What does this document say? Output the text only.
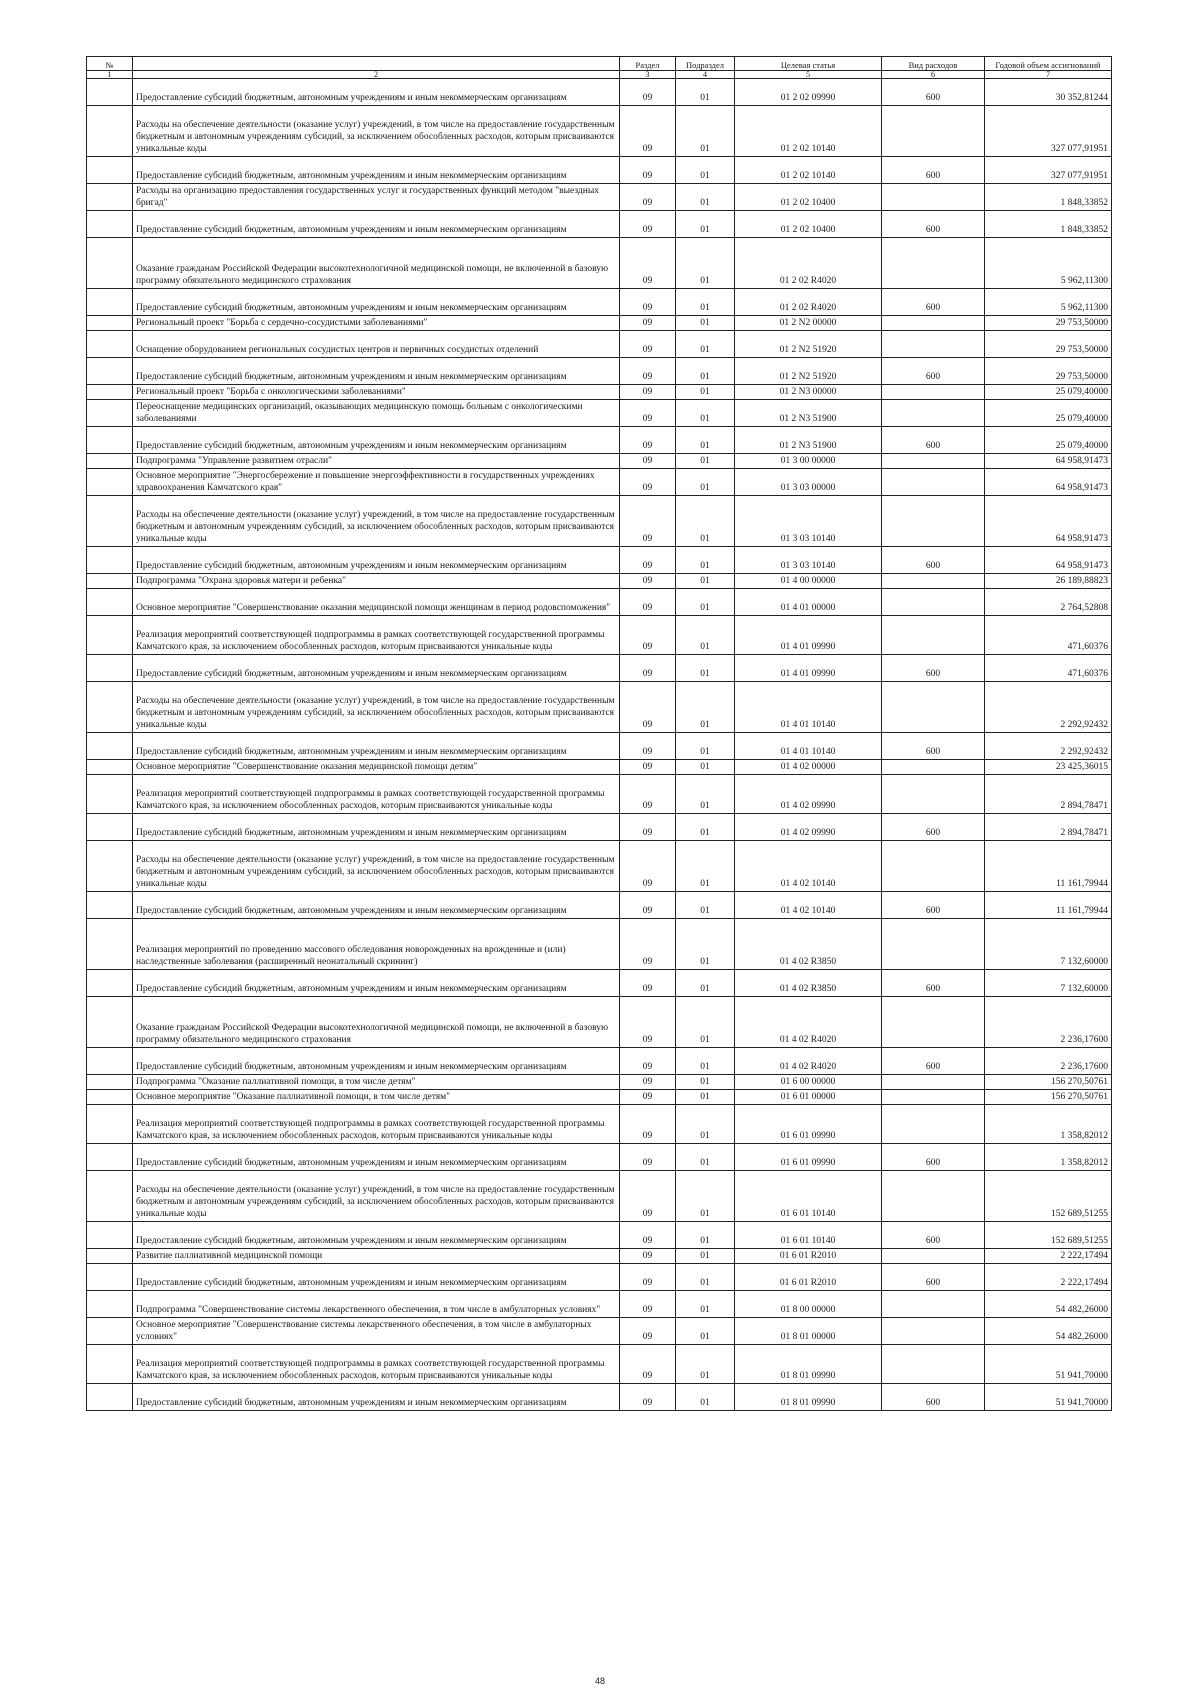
№		Раздел	Подраздел	Целевая статья	Вид расходов	Годовой объем ассигнований
1	2	3	4	5	6	7
	Предоставление субсидий бюджетным, автономным учреждениям и иным некоммерческим организациям	09	01	01 2 02 09990	600	30 352,81244
	Расходы на обеспечение деятельности (оказание услуг) учреждений, в том числе на предоставление государственным бюджетным и автономным учреждениям субсидий, за исключением обособленных расходов, которым присваиваются уникальные коды	09	01	01 2 02 10140		327 077,91951
	Предоставление субсидий бюджетным, автономным учреждениям и иным некоммерческим организациям	09	01	01 2 02 10140	600	327 077,91951
	Расходы на организацию предоставления государственных услуг и государственных функций методом "выездных бригад"	09	01	01 2 02 10400		1 848,33852
	Предоставление субсидий бюджетным, автономным учреждениям и иным некоммерческим организациям	09	01	01 2 02 10400	600	1 848,33852
	Оказание гражданам Российской Федерации высокотехнологичной медицинской помощи, не включенной в базовую программу обязательного медицинского страхования	09	01	01 2 02 R4020		5 962,11300
	Предоставление субсидий бюджетным, автономным учреждениям и иным некоммерческим организациям	09	01	01 2 02 R4020	600	5 962,11300
	Региональный проект "Борьба с сердечно-сосудистыми заболеваниями"	09	01	01 2 N2 00000		29 753,50000
	Оснащение оборудованием региональных сосудистых центров и первичных сосудистых отделений	09	01	01 2 N2 51920		29 753,50000
	Предоставление субсидий бюджетным, автономным учреждениям и иным некоммерческим организациям	09	01	01 2 N2 51920	600	29 753,50000
	Региональный проект "Борьба с онкологическими заболеваниями"	09	01	01 2 N3 00000		25 079,40000
	Переоснащение медицинских организаций, оказывающих медицинскую помощь больным с онкологическими заболеваниями	09	01	01 2 N3 51900		25 079,40000
	Предоставление субсидий бюджетным, автономным учреждениям и иным некоммерческим организациям	09	01	01 2 N3 51900	600	25 079,40000
	Подпрограмма "Управление развитием отрасли"	09	01	01 3 00 00000		64 958,91473
	Основное мероприятие "Энергосбережение и повышение энергоэффективности в государственных учреждениях здравоохранения Камчатского края"	09	01	01 3 03 00000		64 958,91473
	Расходы на обеспечение деятельности (оказание услуг) учреждений, в том числе на предоставление государственным бюджетным и автономным учреждениям субсидий, за исключением обособленных расходов, которым присваиваются уникальные коды	09	01	01 3 03 10140		64 958,91473
	Предоставление субсидий бюджетным, автономным учреждениям и иным некоммерческим организациям	09	01	01 3 03 10140	600	64 958,91473
	Подпрограмма "Охрана здоровья матери и ребенка"	09	01	01 4 00 00000		26 189,88823
	Основное мероприятие "Совершенствование оказания медицинской помощи женщинам в период родовспоможения"	09	01	01 4 01 00000		2 764,52808
	Реализация мероприятий соответствующей подпрограммы в рамках соответствующей государственной программы Камчатского края, за исключением обособленных расходов, которым присваиваются уникальные коды	09	01	01 4 01 09990		471,60376
	Предоставление субсидий бюджетным, автономным учреждениям и иным некоммерческим организациям	09	01	01 4 01 09990	600	471,60376
	Расходы на обеспечение деятельности (оказание услуг) учреждений, в том числе на предоставление государственным бюджетным и автономным учреждениям субсидий, за исключением обособленных расходов, которым присваиваются уникальные коды	09	01	01 4 01 10140		2 292,92432
	Предоставление субсидий бюджетным, автономным учреждениям и иным некоммерческим организациям	09	01	01 4 01 10140	600	2 292,92432
	Основное мероприятие "Совершенствование оказания медицинской помощи детям"	09	01	01 4 02 00000		23 425,36015
	Реализация мероприятий соответствующей подпрограммы в рамках соответствующей государственной программы Камчатского края, за исключением обособленных расходов, которым присваиваются уникальные коды	09	01	01 4 02 09990		2 894,78471
	Предоставление субсидий бюджетным, автономным учреждениям и иным некоммерческим организациям	09	01	01 4 02 09990	600	2 894,78471
	Расходы на обеспечение деятельности (оказание услуг) учреждений, в том числе на предоставление государственным бюджетным и автономным учреждениям субсидий, за исключением обособленных расходов, которым присваиваются уникальные коды	09	01	01 4 02 10140		11 161,79944
	Предоставление субсидий бюджетным, автономным учреждениям и иным некоммерческим организациям	09	01	01 4 02 10140	600	11 161,79944
	Реализация мероприятий по проведению массового обследования новорожденных на врожденные и (или) наследственные заболевания (расширенный неонатальный скрининг)	09	01	01 4 02 R3850		7 132,60000
	Предоставление субсидий бюджетным, автономным учреждениям и иным некоммерческим организациям	09	01	01 4 02 R3850	600	7 132,60000
	Оказание гражданам Российской Федерации высокотехнологичной медицинской помощи, не включенной в базовую программу обязательного медицинского страхования	09	01	01 4 02 R4020		2 236,17600
	Предоставление субсидий бюджетным, автономным учреждениям и иным некоммерческим организациям	09	01	01 4 02 R4020	600	2 236,17600
	Подпрограмма "Оказание паллиативной помощи, в том числе детям"	09	01	01 6 00 00000		156 270,50761
	Основное мероприятие "Оказание паллиативной помощи, в том числе детям"	09	01	01 6 01 00000		156 270,50761
	Реализация мероприятий соответствующей подпрограммы в рамках соответствующей государственной программы Камчатского края, за исключением обособленных расходов, которым присваиваются уникальные коды	09	01	01 6 01 09990		1 358,82012
	Предоставление субсидий бюджетным, автономным учреждениям и иным некоммерческим организациям	09	01	01 6 01 09990	600	1 358,82012
	Расходы на обеспечение деятельности (оказание услуг) учреждений, в том числе на предоставление государственным бюджетным и автономным учреждениям субсидий, за исключением обособленных расходов, которым присваиваются уникальные коды	09	01	01 6 01 10140		152 689,51255
	Предоставление субсидий бюджетным, автономным учреждениям и иным некоммерческим организациям	09	01	01 6 01 10140	600	152 689,51255
	Развитие паллиативной медицинской помощи	09	01	01 6 01 R2010		2 222,17494
	Предоставление субсидий бюджетным, автономным учреждениям и иным некоммерческим организациям	09	01	01 6 01 R2010	600	2 222,17494
	Подпрограмма "Совершенствование системы лекарственного обеспечения, в том числе в амбулаторных условиях"	09	01	01 8 00 00000		54 482,26000
	Основное мероприятие "Совершенствование системы лекарственного обеспечения, в том числе в амбулаторных условиях"	09	01	01 8 01 00000		54 482,26000
	Реализация мероприятий соответствующей подпрограммы в рамках соответствующей государственной программы Камчатского края, за исключением обособленных расходов, которым присваиваются уникальные коды	09	01	01 8 01 09990		51 941,70000
	Предоставление субсидий бюджетным, автономным учреждениям и иным некоммерческим организациям	09	01	01 8 01 09990	600	51 941,70000
48
